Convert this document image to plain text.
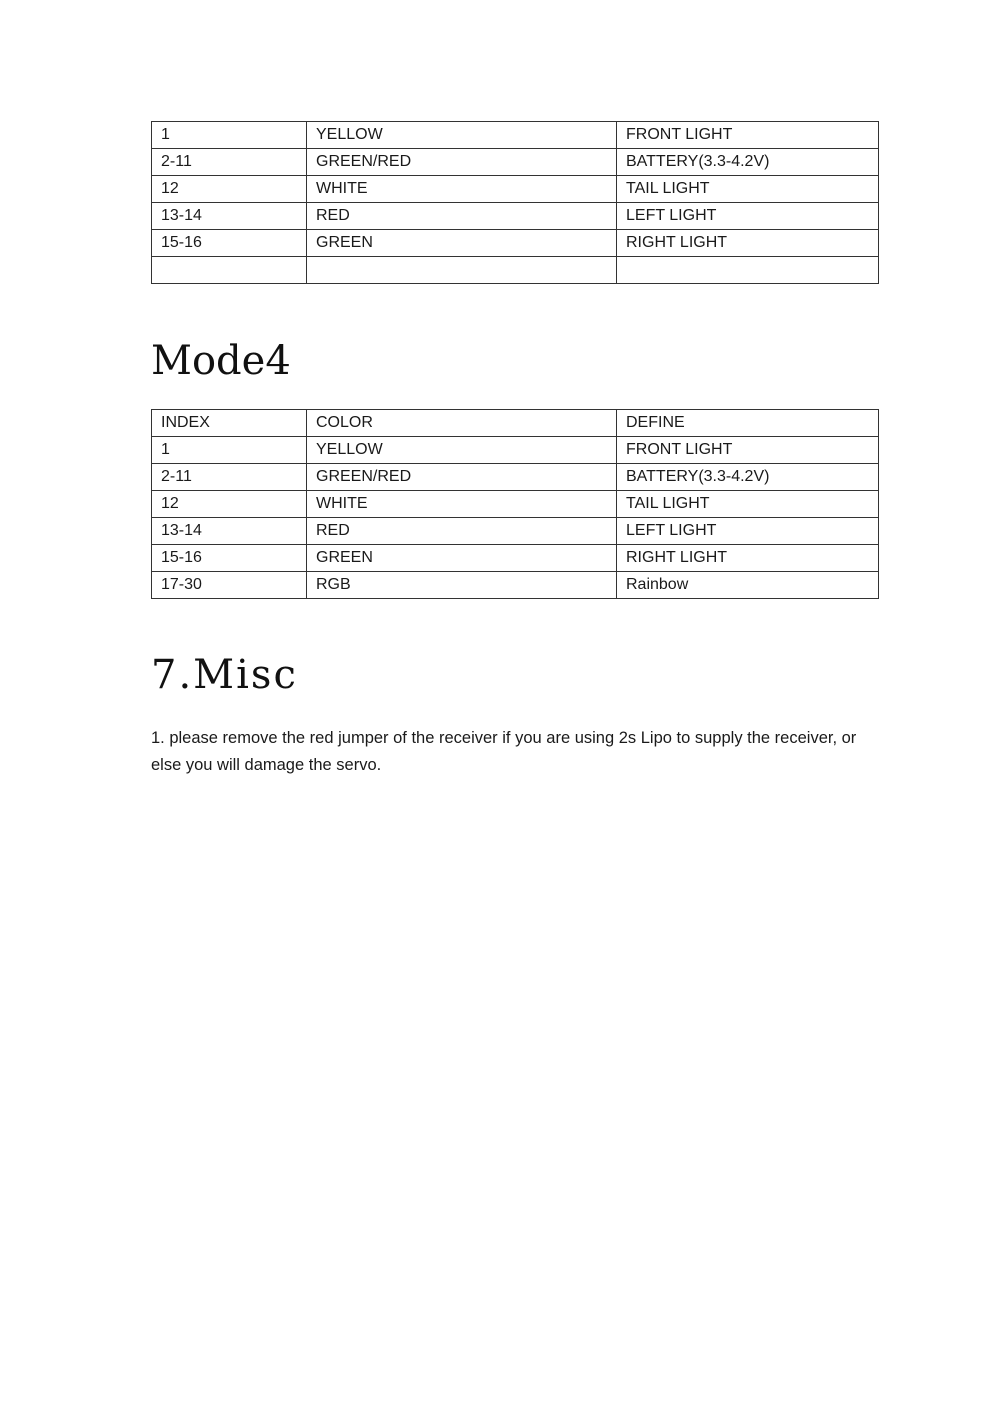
1	YELLOW	FRONT LIGHT
2-11	GREEN/RED	BATTERY(3.3-4.2V)
12	WHITE	TAIL LIGHT
13-14	RED	LEFT LIGHT
15-16	GREEN	RIGHT LIGHT

Mode4
INDEX	COLOR	DEFINE
1	YELLOW	FRONT LIGHT
2-11	GREEN/RED	BATTERY(3.3-4.2V)
12	WHITE	TAIL LIGHT
13-14	RED	LEFT LIGHT
15-16	GREEN	RIGHT LIGHT
17-30	RGB	Rainbow
7.Misc

1. please remove the red jumper of the receiver if you are using 2s Lipo to supply the receiver, or else you will damage the servo.
